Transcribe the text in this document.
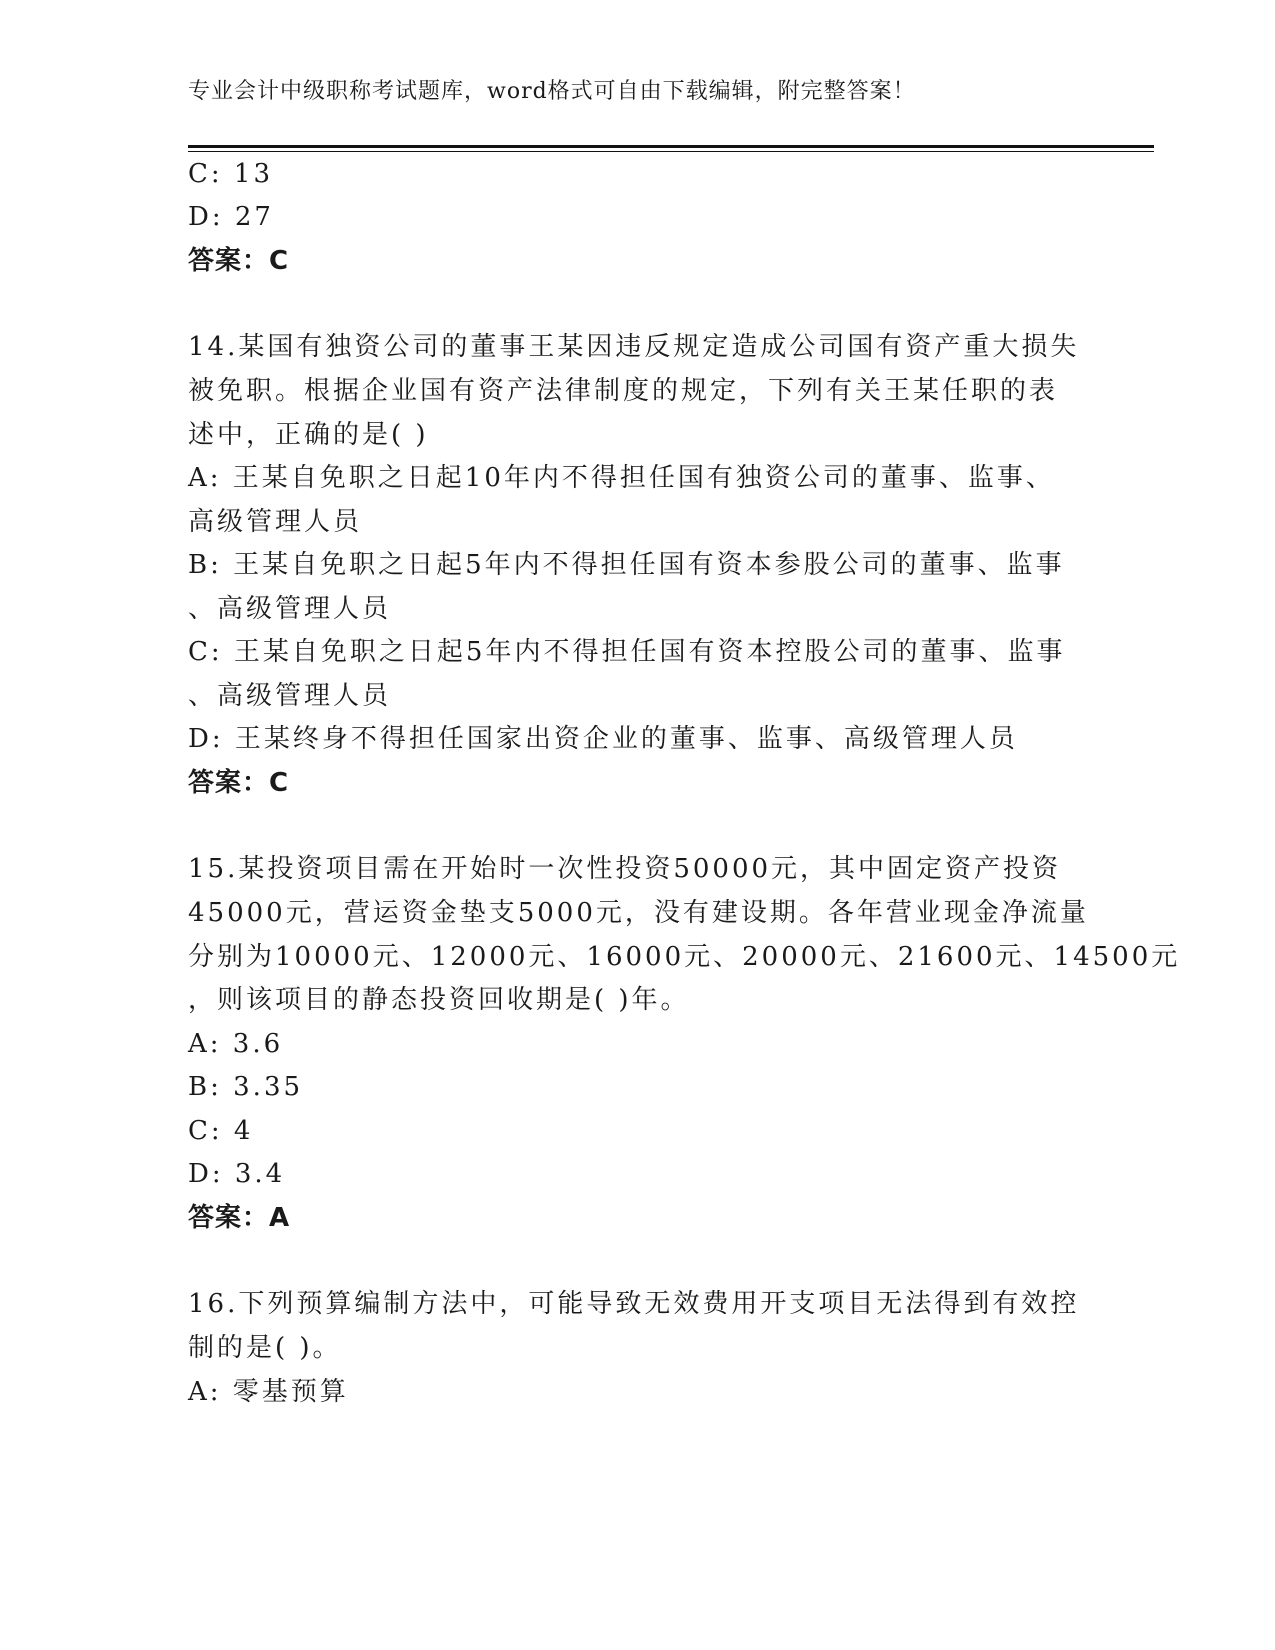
专业会计中级职称考试题库，word格式可自由下载编辑，附完整答案！
C: 13
D: 27
答案：C
14.某国有独资公司的董事王某因违反规定造成公司国有资产重大损失
被免职。根据企业国有资产法律制度的规定，下列有关王某任职的表
述中，正确的是( )
A: 王某自免职之日起10年内不得担任国有独资公司的董事、监事、
高级管理人员
B: 王某自免职之日起5年内不得担任国有资本参股公司的董事、监事
、高级管理人员
C: 王某自免职之日起5年内不得担任国有资本控股公司的董事、监事
、高级管理人员
D: 王某终身不得担任国家出资企业的董事、监事、高级管理人员
答案：C
15.某投资项目需在开始时一次性投资50000元，其中固定资产投资
45000元，营运资金垫支5000元，没有建设期。各年营业现金净流量
分别为10000元、12000元、16000元、20000元、21600元、14500元
，则该项目的静态投资回收期是( )年。
A: 3.6
B: 3.35
C: 4
D: 3.4
答案：A
16.下列预算编制方法中，可能导致无效费用开支项目无法得到有效控
制的是( )。
A: 零基预算
